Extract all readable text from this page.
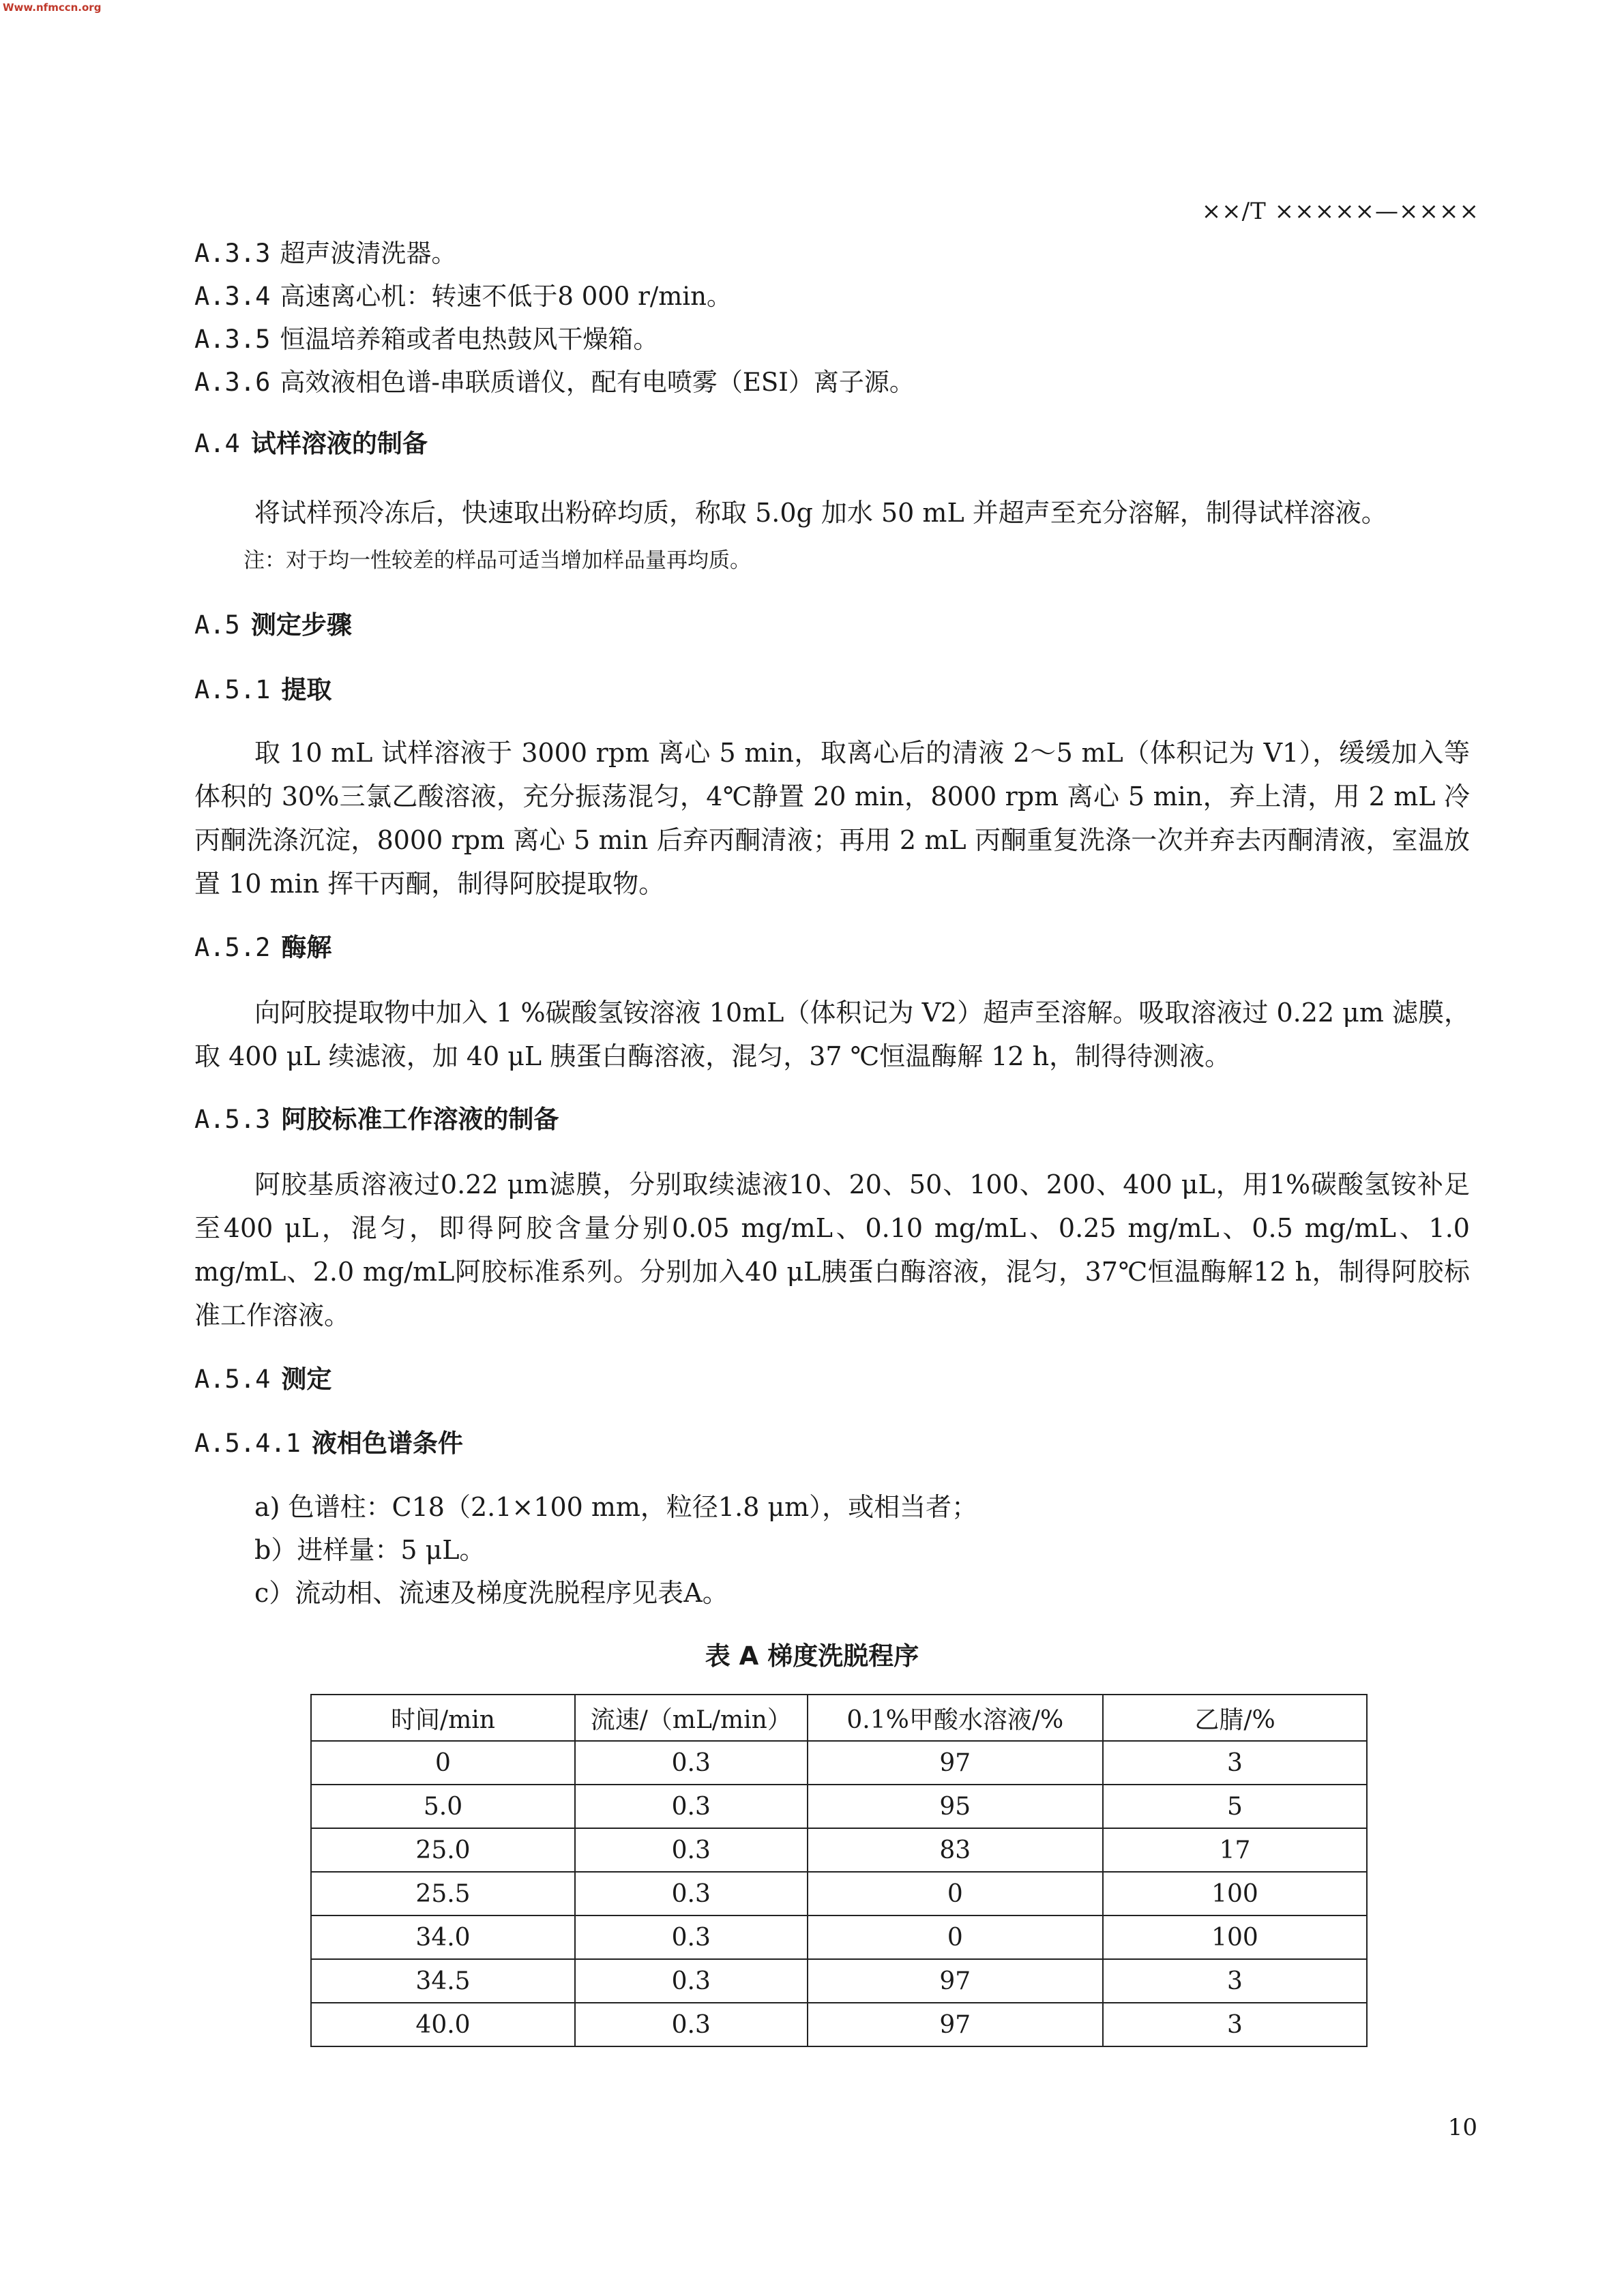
Www.nfmccn.org
××/T ×××××—××××
A.3.3 超声波清洗器。
A.3.4 高速离心机：转速不低于8 000 r/min。
A.3.5 恒温培养箱或者电热鼓风干燥箱。
A.3.6 高效液相色谱-串联质谱仪，配有电喷雾（ESI）离子源。
A.4 试样溶液的制备

将试样预冷冻后，快速取出粉碎均质，称取 5.0g 加水 50 mL 并超声至充分溶解，制得试样溶液。

注：对于均一性较差的样品可适当增加样品量再均质。
A.5 测定步骤
A.5.1 提取

取 10 mL 试样溶液于 3000 rpm 离心 5 min，取离心后的清液 2～5 mL（体积记为 V1），缓缓加入等体积的 30%三氯乙酸溶液，充分振荡混匀，4℃静置 20 min，8000 rpm 离心 5 min，弃上清，用 2 mL 冷丙酮洗涤沉淀，8000 rpm 离心 5 min 后弃丙酮清液；再用 2 mL 丙酮重复洗涤一次并弃去丙酮清液，室温放置 10 min 挥干丙酮，制得阿胶提取物。

A.5.2 酶解

向阿胶提取物中加入 1 %碳酸氢铵溶液 10mL（体积记为 V2）超声至溶解。吸取溶液过 0.22 μm 滤膜，取 400 μL 续滤液，加 40 μL 胰蛋白酶溶液，混匀，37 ℃恒温酶解 12 h，制得待测液。

A.5.3 阿胶标准工作溶液的制备

阿胶基质溶液过0.22 μm滤膜，分别取续滤液10、20、50、100、200、400 μL，用1%碳酸氢铵补足至400 μL，混匀，即得阿胶含量分别0.05 mg/mL、0.10 mg/mL、0.25 mg/mL、0.5 mg/mL、1.0 mg/mL、2.0 mg/mL阿胶标准系列。分别加入40 μL胰蛋白酶溶液，混匀，37℃恒温酶解12 h，制得阿胶标准工作溶液。

A.5.4 测定
A.5.4.1 液相色谱条件
a) 色谱柱：C18（2.1×100 mm，粒径1.8 μm），或相当者；
b）进样量：5 μL。
c）流动相、流速及梯度洗脱程序见表A。
表 A 梯度洗脱程序
时间/min	流速/（mL/min）	0.1%甲酸水溶液/%	乙腈/%
0	0.3	97	3
5.0	0.3	95	5
25.0	0.3	83	17
25.5	0.3	0	100
34.0	0.3	0	100
34.5	0.3	97	3
40.0	0.3	97	3
10
